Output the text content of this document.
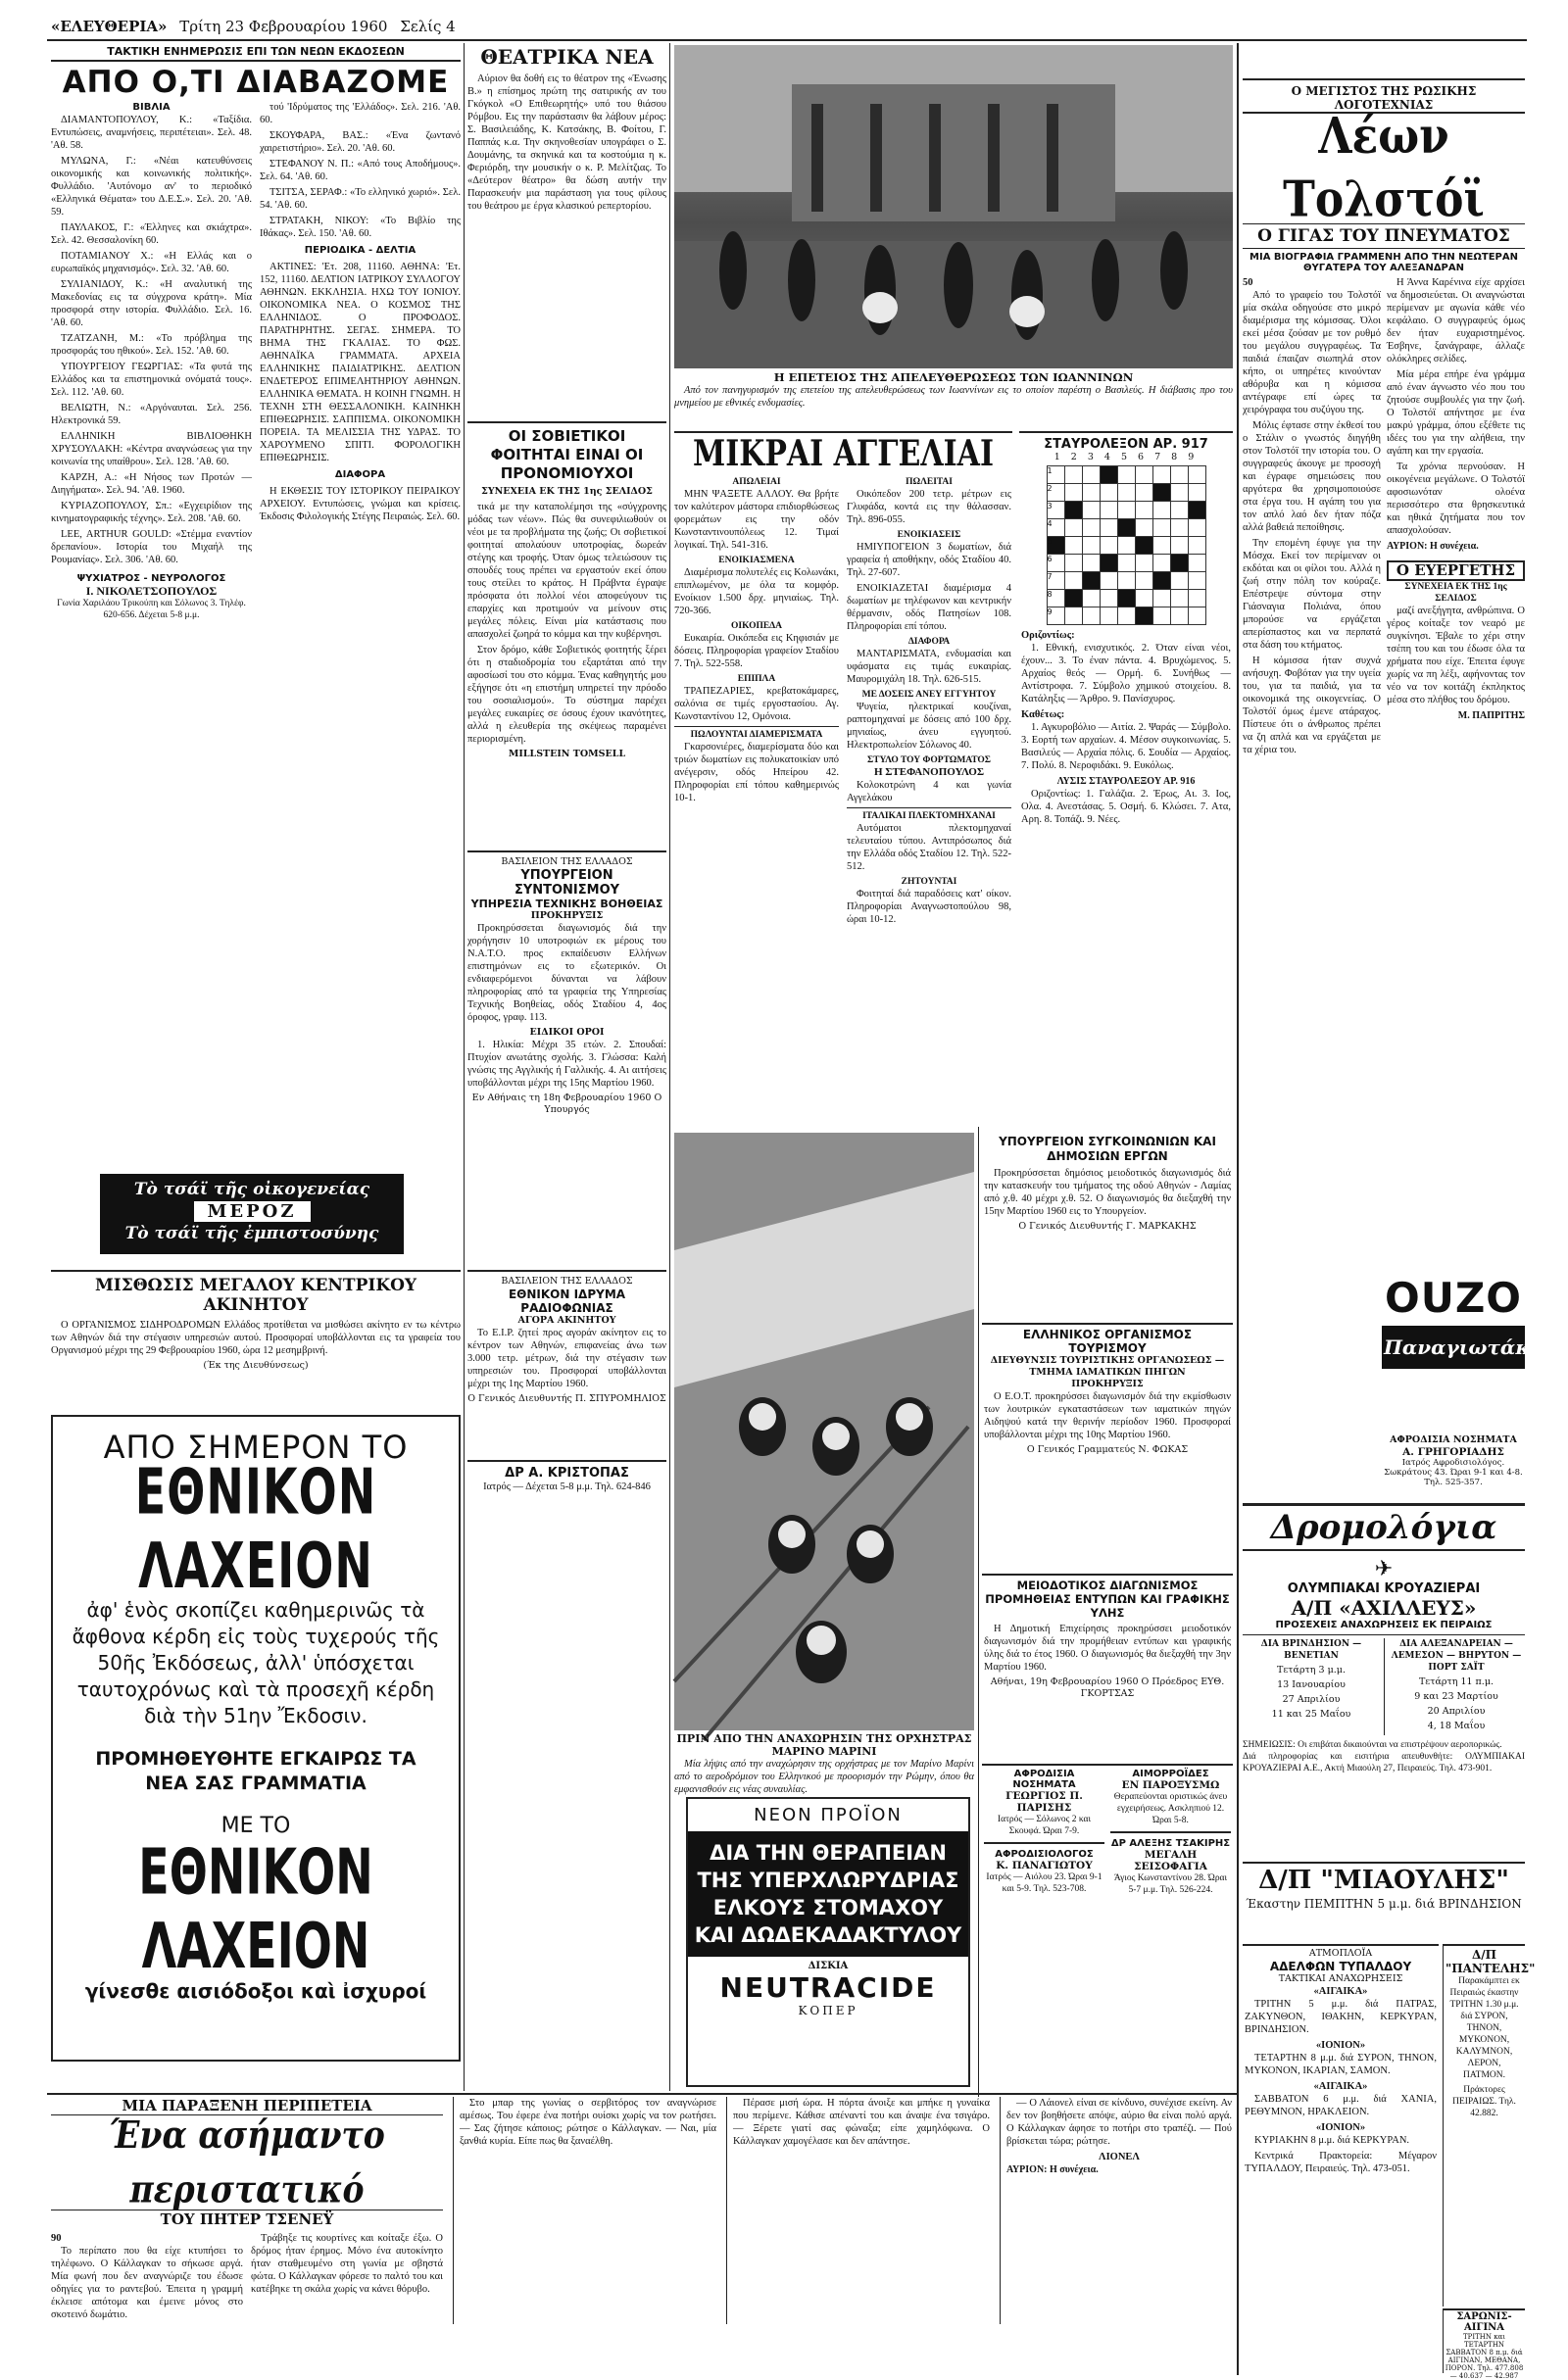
«ΕΛΕΥΘΕΡΙΑ» Τρίτη 23 Φεβρουαρίου 1960 Σελίς 4
ΤΑΚΤΙΚΗ ΕΝΗΜΕΡΩΣΙΣ ΕΠΙ ΤΩΝ ΝΕΩΝ ΕΚΔΟΣΕΩΝ
ΑΠΟ Ο,ΤΙ ΔΙΑΒΑΖΟΜΕ
ΒΙΒΛΙΑ

ΔΙΑΜΑΝΤΟΠΟΥΛΟΥ, Κ.: «Ταξίδια. Εντυπώσεις, αναμνήσεις, περιπέτειαι». Σελ. 48. 'Αθ. 58.

ΜΥΛΩΝΑ, Γ.: «Νέαι κατευθύνσεις οικονομικής και κοινωνικής πολιτικής». Φυλλάδιο. 'Αυτόνομο αν' το περιοδικό «Ελληνικά Θέματα» του Δ.Ε.Σ.». Σελ. 20. 'Αθ. 59.

ΠΑΥΛΑΚΟΣ, Γ.: «Έλληνες και σκιάχτρα». Σελ. 42. Θεσσαλονίκη 60.

ΠΟΤΑΜΙΑΝΟΥ Χ.: «Η Ελλάς και ο ευρωπαϊκός μηχανισμός». Σελ. 32. 'Αθ. 60.

ΣΥΛΙΑΝΙΔΟΥ, Κ.: «Η αναλυτική της Μακεδονίας εις τα σύγχρονα κράτη». Μία προσφορά στην ιστορία. Φυλλάδιο. Σελ. 16. 'Αθ. 60.

ΤΖΑΤΖΑΝΗ, Μ.: «Το πρόβλημα της προσφοράς του ηθικού». Σελ. 152. 'Αθ. 60.

ΥΠΟΥΡΓΕΙΟΥ ΓΕΩΡΓΙΑΣ: «Τα φυτά της Ελλάδος και τα επιστημονικά ονόματά τους». Σελ. 112. 'Αθ. 60.

ΒΕΛΙΩΤΗ, Ν.: «Αργόναυται. Σελ. 256. Ηλεκτρονικά 59.

ΕΛΛΗΝΙΚΗ ΒΙΒΛΙΟΘΗΚΗ ΧΡΥΣΟΥΛΑΚΗ: «Κέντρα αναγνώσεως για την κοινωνία της υπαίθρου». Σελ. 128. 'Αθ. 60.

ΚΑΡΖΗ, Α.: «Η Νήσος των Προτών — Διηγήματα». Σελ. 94. 'Αθ. 1960.

ΚΥΡΙΑΖΟΠΟΥΛΟΥ, Σπ.: «Εγχειρίδιον της κινηματογραφικής τέχνης». Σελ. 208. 'Αθ. 60.

LEE, ARTHUR GOULD: «Στέμμα εναντίον δρεπανίου». Ιστορία του Μιχαήλ της Ρουμανίας». Σελ. 306. 'Αθ. 60.

ΨΥΧΙΑΤΡΟΣ - ΝΕΥΡΟΛΟΓΟΣ
Ι. ΝΙΚΟΛΕΤΣΟΠΟΥΛΟΣ
Γωνία Χαριλάου Τρικούπη και Σόλωνος 3. Τηλέφ. 620-656. Δέχεται 5-8 μ.μ.

τού 'Ιδρύματος της 'Ελλάδος». Σελ. 216. 'Αθ. 60.

ΣΚΟΥΦΑΡΑ, ΒΑΣ.: «Ένα ζωντανό χαιρετιστήριο». Σελ. 20. 'Αθ. 60.

ΣΤΕΦΑΝΟΥ Ν. Π.: «Από τους Αποδήμους». Σελ. 64. 'Αθ. 60.

ΤΣΙΤΣΑ, ΣΕΡΑΦ.: «Το ελληνικό χωριό». Σελ. 54. 'Αθ. 60.

ΣΤΡΑΤΑΚΗ, ΝΙΚΟΥ: «Το Βιβλίο της Ιθάκας». Σελ. 150. 'Αθ. 60.

ΠΕΡΙΟΔΙΚΑ - ΔΕΛΤΙΑ

ΑΚΤΙΝΕΣ: 'Ετ. 208, 11160. ΑΘΗΝΑ: 'Ετ. 152, 11160. ΔΕΛΤΙΟΝ ΙΑΤΡΙΚΟΥ ΣΥΛΛΟΓΟΥ ΑΘΗΝΩΝ. ΕΚΚΛΗΣΙΑ. ΗΧΩ ΤΟΥ ΙΟΝΙΟΥ. ΟΙΚΟΝΟΜΙΚΑ ΝΕΑ. Ο ΚΟΣΜΟΣ ΤΗΣ ΕΛΛΗΝΙΔΟΣ. Ο ΠΡΟΦΟΔΟΣ. ΠΑΡΑΤΗΡΗΤΗΣ. ΣΕΓΑΣ. ΣΗΜΕΡΑ. ΤΟ ΒΗΜΑ ΤΗΣ ΓΚΑΛΙΑΣ. ΤΟ ΦΩΣ. ΑΘΗΝΑΪΚΑ ΓΡΑΜΜΑΤΑ. ΑΡΧΕΙΑ ΕΛΛΗΝΙΚΗΣ ΠΑΙΔΙΑΤΡΙΚΗΣ. ΔΕΛΤΙΟΝ ΕΝΔΕΤΕΡΟΣ ΕΠΙΜΕΛΗΤΗΡΙΟΥ ΑΘΗΝΩΝ. ΕΛΛΗΝΙΚΑ ΘΕΜΑΤΑ. Η ΚΟΙΝΗ ΓΝΩΜΗ. Η ΤΕΧΝΗ ΣΤΗ ΘΕΣΣΑΛΟΝΙΚΗ. ΚΑΙΝΗΚΗ ΕΠΙΘΕΩΡΗΣΙΣ. ΣΑΠΠΙΣΜΑ. ΟΙΚΟΝΟΜΙΚΗ ΠΟΡΕΙΑ. ΤΑ ΜΕΛΙΣΣΙΑ ΤΗΣ ΥΔΡΑΣ. ΤΟ ΧΑΡΟΥΜΕΝΟ ΣΠΙΤΙ. ΦΟΡΟΛΟΓΙΚΗ ΕΠΙΘΕΩΡΗΣΙΣ.

ΔΙΑΦΟΡΑ

Η ΕΚΘΕΣΙΣ ΤΟΥ ΙΣΤΟΡΙΚΟΥ ΠΕΙΡΑΙΚΟΥ ΑΡΧΕΙΟΥ. Εντυπώσεις, γνώμαι και κρίσεις. Έκδοσις Φιλολογικής Στέγης Πειραιώς. Σελ. 60.

Τὸ τσάϊ τῆς οἰκογενείας
ΜΕΡΟΖ
Τὸ τσάϊ τῆς ἐμπιστοσύνης
ΜΙΣΘΩΣΙΣ ΜΕΓΑΛΟΥ ΚΕΝΤΡΙΚΟΥ ΑΚΙΝΗΤΟΥ

Ο ΟΡΓΑΝΙΣΜΟΣ ΣΙΔΗΡΟΔΡΟΜΩΝ Ελλάδος προτίθεται να μισθώσει ακίνητο εν τω κέντρω των Αθηνών διά την στέγασιν υπηρεσιών αυτού. Προσφοραί υποβάλλονται εις τα γραφεία του Οργανισμού μέχρι της 29 Φεβρουαρίου 1960, ώρα 12 μεσημβρινή.

(Έκ της Διευθύνσεως)
ΑΠΟ ΣΗΜΕΡΟΝ ΤΟ
ΕΘΝΙΚΟΝ ΛΑΧΕΙΟΝ
ἀφ' ἑνὸς σκοπίζει καθημερινῶς τὰ ἄφθονα κέρδη εἰς τοὺς τυχερούς τῆς 50ῆς Ἐκδόσεως, ἀλλ' ὑπόσχεται ταυτοχρόνως καὶ τὰ προσεχῆ κέρδη διὰ τὴν 51ην Ἔκδοσιν.
ΠΡΟΜΗΘΕΥΘΗΤΕ ΕΓΚΑΙΡΩΣ ΤΑ ΝΕΑ ΣΑΣ ΓΡΑΜΜΑΤΙΑ
ΜΕ ΤΟ
ΕΘΝΙΚΟΝ ΛΑΧΕΙΟΝ
γίνεσθε αισιόδοξοι καὶ ἰσχυροί
ΘΕΑΤΡΙΚΑ ΝΕΑ

Αύριον θα δοθή εις το θέατρον της «Ένωσης Β.» η επίσημος πρώτη της σατιρικής αν του Γκόγκολ «Ο Επιθεωρητής» υπό του θιάσου Ρόμβου. Εις την παράστασιν θα λάβουν μέρος: Σ. Βασιλειάδης, Κ. Κατσάκης, Β. Φοίτου, Γ. Παππάς κ.α. Την σκηνοθεσίαν υπογράφει ο Σ. Δουμάνης, τα σκηνικά και τα κοστούμια η κ. Φεριόρδη, την μουσικήν ο κ. Ρ. Μελίτζιας. Το «Δεύτερον θέατρο» θα δώση αυτήν την Παρασκευήν μια παράσταση για τους φίλους του θεάτρου με έργα κλασικού ρεπερτορίου.

ΟΙ ΣΟΒΙΕΤΙΚΟΙ ΦΟΙΤΗΤΑΙ ΕΙΝΑΙ ΟΙ ΠΡΟΝΟΜΙΟΥΧΟΙ
ΣΥΝΕΧΕΙΑ ΕΚ ΤΗΣ 1ης ΣΕΛΙΔΟΣ

τικά με την καταπολέμησι της «σύγχρονης μόδας των νέων». Πώς θα συνεφιλιωθούν οι νέοι με τα προβλήματα της ζωής; Οι σοβιετικοί φοιτηταί απολαύουν υποτροφίας, δωρεάν στέγης και τροφής. Όταν όμως τελειώσουν τις σπουδές τους πρέπει να εργαστούν εκεί όπου τους στείλει το κράτος. Η Πράβντα έγραψε πρόσφατα ότι πολλοί νέοι αποφεύγουν τις επαρχίες και προτιμούν να μείνουν στις μεγάλες πόλεις. Είναι μία κατάστασις που απασχολεί ζωηρά το κόμμα και την κυβέρνησι.

Στον δρόμο, κάθε Σοβιετικός φοιτητής ξέρει ότι η σταδιοδρομία του εξαρτάται από την αφοσίωσί του στο κόμμα. Ένας καθηγητής μου εξήγησε ότι «η επιστήμη υπηρετεί την πρόοδο του σοσιαλισμού». Το σύστημα παρέχει μεγάλες ευκαιρίες σε όσους έχουν ικανότητες, αλλά η ελευθερία της σκέψεως παραμένει περιορισμένη.

MILLSTEIN TOMSELL
ΒΑΣΙΛΕΙΟΝ ΤΗΣ ΕΛΛΑΔΟΣ
ΥΠΟΥΡΓΕΙΟΝ ΣΥΝΤΟΝΙΣΜΟΥ
ΥΠΗΡΕΣΙΑ ΤΕΧΝΙΚΗΣ ΒΟΗΘΕΙΑΣ
ΠΡΟΚΗΡΥΞΙΣ

Προκηρύσσεται διαγωνισμός διά την χορήγησιν 10 υποτροφιών εκ μέρους του Ν.Α.Τ.Ο. προς εκπαίδευσιν Ελλήνων επιστημόνων εις το εξωτερικόν. Οι ενδιαφερόμενοι δύνανται να λάβουν πληροφορίας από τα γραφεία της Υπηρεσίας Τεχνικής Βοηθείας, οδός Σταδίου 4, 4ος όροφος, γραφ. 113.

ΕΙΔΙΚΟΙ ΟΡΟΙ

1. Ηλικία: Μέχρι 35 ετών. 2. Σπουδαί: Πτυχίον ανωτάτης σχολής. 3. Γλώσσα: Καλή γνώσις της Αγγλικής ή Γαλλικής. 4. Αι αιτήσεις υποβάλλονται μέχρι της 15ης Μαρτίου 1960.

Εν Αθήναις τη 18η Φεβρουαρίου 1960 Ο Υπουργός
ΒΑΣΙΛΕΙΟΝ ΤΗΣ ΕΛΛΑΔΟΣ
ΕΘΝΙΚΟΝ ΙΔΡΥΜΑ ΡΑΔΙΟΦΩΝΙΑΣ
ΑΓΟΡΑ ΑΚΙΝΗΤΟΥ

Το Ε.Ι.Ρ. ζητεί προς αγοράν ακίνητον εις το κέντρον των Αθηνών, επιφανείας άνω των 3.000 τετρ. μέτρων, διά την στέγασιν των υπηρεσιών του. Προσφοραί υποβάλλονται μέχρι της 1ης Μαρτίου 1960.

Ο Γενικός Διευθυντής Π. ΣΠΥΡΟΜΗΛΙΟΣ
ΔΡ Α. ΚΡΙΣΤΟΠΑΣ
Ιατρός — Δέχεται 5-8 μ.μ. Τηλ. 624-846
Η ΕΠΕΤΕΙΟΣ ΤΗΣ ΑΠΕΛΕΥΘΕΡΩΣΕΩΣ ΤΩΝ ΙΩΑΝΝΙΝΩΝ

Από τον πανηγυρισμόν της επετείου της απελευθερώσεως των Ιωαννίνων εις το οποίον παρέστη ο Βασιλεύς. Η διάβασις προ του μνημείου με εθνικές ενδυμασίες.

ΜΙΚΡΑΙ ΑΓΓΕΛΙΑΙ
ΑΠΩΛΕΙΑΙ

ΜΗΝ ΨΑΞΕΤΕ ΑΛΛΟΥ. Θα βρήτε τον καλύτερον μάστορα επιδιορθώσεως φορεμάτων εις την οδόν Κωνσταντινουπόλεως 12. Τιμαί λογικαί. Τηλ. 541-316.

ΕΝΟΙΚΙΑΣΜΕΝΑ

Διαμέρισμα πολυτελές εις Κολωνάκι, επιπλωμένον, με όλα τα κομφόρ. Ενοίκιον 1.500 δρχ. μηνιαίως. Τηλ. 720-366.

ΟΙΚΟΠΕΔΑ

Ευκαιρία. Οικόπεδα εις Κηφισιάν με δόσεις. Πληροφορίαι γραφείον Σταδίου 7. Τηλ. 522-558.

ΕΠΙΠΛΑ

ΤΡΑΠΕΖΑΡΙΕΣ, κρεβατοκάμαρες, σαλόνια σε τιμές εργοστασίου. Αγ. Κωνσταντίνου 12, Ομόνοια.

ΠΩΛΟΥΝΤΑΙ ΔΙΑΜΕΡΙΣΜΑΤΑ

Γκαρσονιέρες, διαμερίσματα δύο και τριών δωματίων εις πολυκατοικίαν υπό ανέγερσιν, οδός Ηπείρου 42. Πληροφορίαι επί τόπου καθημερινώς 10-1.

ΠΩΛΕΙΤΑΙ

Οικόπεδον 200 τετρ. μέτρων εις Γλυφάδα, κοντά εις την θάλασσαν. Τηλ. 896-055.

ΕΝΟΙΚΙΑΣΕΙΣ

ΗΜΙΥΠΟΓΕΙΟΝ 3 δωματίων, διά γραφεία ή αποθήκην, οδός Σταδίου 40. Τηλ. 27-607.

ΕΝΟΙΚΙΑΖΕΤΑΙ διαμέρισμα 4 δωματίων με τηλέφωνον και κεντρικήν θέρμανσιν, οδός Πατησίων 108. Πληροφορίαι επί τόπου.

ΔΙΑΦΟΡΑ

ΜΑΝΤΑΡΙΣΜΑΤΑ, ενδυμασίαι και υφάσματα εις τιμάς ευκαιρίας. Μαυρομιχάλη 18. Τηλ. 626-515.

ΜΕ ΔΟΣΕΙΣ ΑΝΕΥ ΕΓΓΥΗΤΟΥ

Ψυγεία, ηλεκτρικαί κουζίναι, ραπτομηχαναί με δόσεις από 100 δρχ. μηνιαίως, άνευ εγγυητού. Ηλεκτροπωλείον Σόλωνος 40.

ΣΤΥΛΟ ΤΟΥ ΦΟΡΤΩΜΑΤΟΣ
Η ΣΤΕΦΑΝΟΠΟΥΛΟΣ

Κολοκοτρώνη 4 και γωνία Αγγελάκου

ΙΤΑΛΙΚΑΙ ΠΛΕΚΤΟΜΗΧΑΝΑΙ

Αυτόματοι πλεκτομηχαναί τελευταίου τύπου. Αντιπρόσωπος διά την Ελλάδα οδός Σταδίου 12. Τηλ. 522-512.

ΖΗΤΟΥΝΤΑΙ

Φοιτηταί διά παραδόσεις κατ' οίκον. Πληροφορίαι Αναγνωστοπούλου 98, ώραι 10-12.

ΣΤΑΥΡΟΛΕΞΟΝ ΑΡ. 917
1 2 3 4 5 6 7 8 9
1								
2								
3								
4								
5								
6								
7								
8								
9								
Οριζοντίως:

1. Εθνική, ενισχυτικός. 2. Όταν είναι νέοι, έχουν... 3. Το έναν πάντα. 4. Βρυχώμενος. 5. Αρχαίος θεός — Ορμή. 6. Συνήθως — Αντίστροφα. 7. Σύμβολο χημικού στοιχείου. 8. Κατάληξις — Άρθρο. 9. Πανίσχυρος.

Καθέτως:

1. Αγκυροβόλιο — Αιτία. 2. Ψαράς — Σύμβολο. 3. Εορτή των αρχαίων. 4. Μέσον συγκοινωνίας. 5. Βασιλεύς — Αρχαία πόλις. 6. Σουδία — Αρχαίος. 7. Πολύ. 8. Νεροφιδάκι. 9. Ευκόλως.

ΛΥΣΙΣ ΣΤΑΥΡΟΛΕΞΟΥ ΑΡ. 916

Οριζοντίως: 1. Γαλάζια. 2. Έρως, Αι. 3. Ιος, Ολα. 4. Ανεστάσας. 5. Οσμή. 6. Κλώσει. 7. Ατα, Αρη. 8. Τοπάζι. 9. Νέες.

ΠΡΙΝ ΑΠΟ ΤΗΝ ΑΝΑΧΩΡΗΣΙΝ ΤΗΣ ΟΡΧΗΣΤΡΑΣ ΜΑΡΙΝΟ ΜΑΡΙΝΙ

Μία λήψις από την αναχώρησιν της ορχήστρας με τον Μαρίνο Μαρίνι από το αεροδρόμιον του Ελληνικού με προορισμόν την Ρώμην, όπου θα εμφανισθούν εις νέας συναυλίας.

ΝΕΟΝ ΠΡΟΪΟΝ
ΔΙΑ ΤΗΝ ΘΕΡΑΠΕΙΑΝ
ΤΗΣ ΥΠΕΡΧΛΩΡΥΔΡΙΑΣ
ΕΛΚΟΥΣ ΣΤΟΜΑΧΟΥ
ΚΑΙ ΔΩΔΕΚΑΔΑΚΤΥΛΟΥ
ΔΙΣΚΙΑ
NEUTRACIDE
ΚΟΠΕΡ
ΥΠΟΥΡΓΕΙΟΝ ΣΥΓΚΟΙΝΩΝΙΩΝ ΚΑΙ ΔΗΜΟΣΙΩΝ ΕΡΓΩΝ

Προκηρύσσεται δημόσιος μειοδοτικός διαγωνισμός διά την κατασκευήν του τμήματος της οδού Αθηνών - Λαμίας από χ.θ. 40 μέχρι χ.θ. 52. Ο διαγωνισμός θα διεξαχθή την 15ην Μαρτίου 1960 εις το Υπουργείον.

Ο Γενικός Διευθυντής Γ. ΜΑΡΚΑΚΗΣ
ΕΛΛΗΝΙΚΟΣ ΟΡΓΑΝΙΣΜΟΣ ΤΟΥΡΙΣΜΟΥ
ΔΙΕΥΘΥΝΣΙΣ ΤΟΥΡΙΣΤΙΚΗΣ ΟΡΓΑΝΩΣΕΩΣ — ΤΜΗΜΑ ΙΑΜΑΤΙΚΩΝ ΠΗΓΩΝ
ΠΡΟΚΗΡΥΞΙΣ

Ο Ε.Ο.Τ. προκηρύσσει διαγωνισμόν διά την εκμίσθωσιν των λουτρικών εγκαταστάσεων των ιαματικών πηγών Αιδηψού κατά την θερινήν περίοδον 1960. Προσφοραί υποβάλλονται μέχρι της 10ης Μαρτίου 1960.

Ο Γενικός Γραμματεύς Ν. ΦΩΚΑΣ
ΜΕΙΟΔΟΤΙΚΟΣ ΔΙΑΓΩΝΙΣΜΟΣ ΠΡΟΜΗΘΕΙΑΣ ΕΝΤΥΠΩΝ ΚΑΙ ΓΡΑΦΙΚΗΣ ΥΛΗΣ

Η Δημοτική Επιχείρησις προκηρύσσει μειοδοτικόν διαγωνισμόν διά την προμήθειαν εντύπων και γραφικής ύλης διά το έτος 1960. Ο διαγωνισμός θα διεξαχθή την 3ην Μαρτίου 1960.

Αθήναι, 19η Φεβρουαρίου 1960 Ο Πρόεδρος ΕΥΘ. ΓΚΟΡΤΣΑΣ
ΑΦΡΟΔΙΣΙΑ ΝΟΣΗΜΑΤΑ
ΓΕΩΡΓΙΟΣ Π. ΠΑΡΙΣΗΣ
Ιατρός — Σόλωνος 2 και Σκουφά. Ώραι 7-9.
ΑΦΡΟΔΙΣΙΟΛΟΓΟΣ
Κ. ΠΑΝΑΓΙΩΤΟΥ
Ιατρός — Αιόλου 23. Ώραι 9-1 και 5-9. Τηλ. 523-708.
ΑΙΜΟΡΡΟΪΔΕΣ
ΕΝ ΠΑΡΟΞΥΣΜΩ
Θεραπεύονται οριστικώς άνευ εγχειρήσεως. Ασκληπιού 12. Ώραι 5-8.
ΔΡ ΑΛΕΞΗΣ ΤΣΑΚΙΡΗΣ
ΜΕΓΑΛΗ ΣΕΙΣΟΦΑΓΙΑ
Άγιος Κωνσταντίνου 28. Ώραι 5-7 μ.μ. Τηλ. 526-224.
Ο ΜΕΓΙΣΤΟΣ ΤΗΣ ΡΩΣΙΚΗΣ ΛΟΓΟΤΕΧΝΙΑΣ
Λέων Τολστόϊ
Ο ΓΙΓΑΣ ΤΟΥ ΠΝΕΥΜΑΤΟΣ
ΜΙΑ ΒΙΟΓΡΑΦΙΑ ΓΡΑΜΜΕΝΗ ΑΠΟ ΤΗΝ ΝΕΩΤΕΡΑΝ ΘΥΓΑΤΕΡΑ ΤΟΥ ΑΛΕΞΑΝΔΡΑΝ
50

Από το γραφείο του Τολστόϊ μία σκάλα οδηγούσε στο μικρό διαμέρισμα της κόμισσας. Όλοι εκεί μέσα ζούσαν με τον ρυθμό του μεγάλου συγγραφέως. Τα παιδιά έπαιζαν σιωπηλά στον κήπο, οι υπηρέτες κινούνταν αθόρυβα και η κόμισσα αντέγραφε επί ώρες τα χειρόγραφα του συζύγου της.

Μόλις έφτασε στην έκθεσί του ο Στάλιν ο γνωστός διηγήθη στον Τολστόϊ την ιστορία του. Ο συγγραφεύς άκουγε με προσοχή και έγραφε σημειώσεις που αργότερα θα χρησιμοποιούσε στα έργα του. Η αγάπη του για τον απλό λαό δεν ήταν πόζα αλλά βαθειά πεποίθησις.

Την επομένη έφυγε για την Μόσχα. Εκεί τον περίμεναν οι εκδόται και οι φίλοι του. Αλλά η ζωή στην πόλη τον κούραζε. Επέστρεψε σύντομα στην Γιάσναγια Πολιάνα, όπου μπορούσε να εργάζεται απερίσπαστος και να περπατά στα δάση του κτήματος.

Η κόμισσα ήταν συχνά ανήσυχη. Φοβόταν για την υγεία του, για τα παιδιά, για τα οικονομικά της οικογενείας. Ο Τολστόϊ όμως έμενε ατάραχος. Πίστευε ότι ο άνθρωπος πρέπει να ζη απλά και να εργάζεται με τα χέρια του.

Η Άννα Καρένινα είχε αρχίσει να δημοσιεύεται. Οι αναγνώσται περίμεναν με αγωνία κάθε νέο κεφάλαιο. Ο συγγραφεύς όμως δεν ήταν ευχαριστημένος. Έσβηνε, ξανάγραφε, άλλαζε ολόκληρες σελίδες.

Μία μέρα επήρε ένα γράμμα από έναν άγνωστο νέο που του ζητούσε συμβουλές για την ζωή. Ο Τολστόϊ απήντησε με ένα μακρύ γράμμα, όπου εξέθετε τις ιδέες του για την αλήθεια, την αγάπη και την εργασία.

Τα χρόνια περνούσαν. Η οικογένεια μεγάλωνε. Ο Τολστόϊ αφοσιωνόταν ολοένα περισσότερο στα θρησκευτικά και ηθικά ζητήματα που τον απασχολούσαν.

ΑΥΡΙΟΝ: Η συνέχεια.
Ο ΕΥΕΡΓΕΤΗΣ
ΣΥΝΕΧΕΙΑ ΕΚ ΤΗΣ 1ης ΣΕΛΙΔΟΣ

μαζί ανεξήγητα, ανθρώπινα. Ο γέρος κοίταξε τον νεαρό με συγκίνησι. Έβαλε το χέρι στην τσέπη του και του έδωσε όλα τα χρήματα που είχε. Έπειτα έφυγε χωρίς να πη λέξι, αφήνοντας τον νέο να τον κοιτάζη έκπληκτος μέσα στο πλήθος του δρόμου.

Μ. ΠΑΠΡΙΤΗΣ
OUZO
Παναγιωτάκη
ΑΦΡΟΔΙΣΙΑ ΝΟΣΗΜΑΤΑ
Α. ΓΡΗΓΟΡΙΑΔΗΣ
Ιατρός Αφροδισιολόγος. Σωκράτους 43. Ώραι 9-1 και 4-8. Τηλ. 525-357.
Δρομολόγια
✈
ΟΛΥΜΠΙΑΚΑΙ ΚΡΟΥΑΖΙΕΡΑΙ
Α/Π «ΑΧΙΛΛΕΥΣ»
ΠΡΟΣΕΧΕΙΣ ΑΝΑΧΩΡΗΣΕΙΣ ΕΚ ΠΕΙΡΑΙΩΣ
ΔΙΑ ΒΡΙΝΔΗΣΙΟΝ — ΒΕΝΕΤΙΑΝ
Τετάρτη 3 μ.μ.
13 Ιανουαρίου
27 Απριλίου
11 και 25 Μαΐου
ΔΙΑ ΑΛΕΞΑΝΔΡΕΙΑΝ — ΛΕΜΕΣΟΝ — ΒΗΡΥΤΟΝ — ΠΟΡΤ ΣΑΪΤ
Τετάρτη 11 π.μ.
9 και 23 Μαρτίου
20 Απριλίου
4, 18 Μαΐου
ΣΗΜΕΙΩΣΙΣ: Οι επιβάται δικαιούνται να επιστρέψουν αεροπορικώς.
Διά πληροφορίας και εισιτήρια απευθυνθήτε: ΟΛΥΜΠΙΑΚΑΙ ΚΡΟΥΑΖΙΕΡΑΙ Α.Ε., Ακτή Μιαούλη 27, Πειραιεύς. Τηλ. 473-901.
Δ/Π "ΜΙΑΟΥΛΗΣ"
Έκαστην ΠΕΜΠΤΗΝ 5 μ.μ. διά ΒΡΙΝΔΗΣΙΟΝ
ΑΤΜΟΠΛΟΪΑ
ΑΔΕΛΦΩΝ ΤΥΠΑΛΔΟΥ
ΤΑΚΤΙΚΑΙ ΑΝΑΧΩΡΗΣΕΙΣ
«ΑΙΓΑΙΚΑ»

ΤΡΙΤΗΝ 5 μ.μ. διά ΠΑΤΡΑΣ, ΖΑΚΥΝΘΟΝ, ΙΘΑΚΗΝ, ΚΕΡΚΥΡΑΝ, ΒΡΙΝΔΗΣΙΟΝ.

«ΙΟΝΙΟΝ»

ΤΕΤΑΡΤΗΝ 8 μ.μ. διά ΣΥΡΟΝ, ΤΗΝΟΝ, ΜΥΚΟΝΟΝ, ΙΚΑΡΙΑΝ, ΣΑΜΟΝ.

«ΑΙΓΑΙΚΑ»

ΣΑΒΒΑΤΟΝ 6 μ.μ. διά ΧΑΝΙΑ, ΡΕΘΥΜΝΟΝ, ΗΡΑΚΛΕΙΟΝ.

«ΙΟΝΙΟΝ»

ΚΥΡΙΑΚΗΝ 8 μ.μ. διά ΚΕΡΚΥΡΑΝ.

Κεντρικά Πρακτορεία: Μέγαρον ΤΥΠΑΛΔΟΥ, Πειραιεύς. Τηλ. 473-051.

Δ/Π "ΠΑΝΤΕΛΗΣ"

Παρακάμπτει εκ Πειραιώς έκαστην ΤΡΙΤΗΝ 1.30 μ.μ. διά ΣΥΡΟΝ, ΤΗΝΟΝ, ΜΥΚΟΝΟΝ, ΚΑΛΥΜΝΟΝ, ΛΕΡΟΝ, ΠΑΤΜΟΝ.

Πράκτορες ΠΕΙΡΑΙΩΣ. Τηλ. 42.882.
ΣΑΡΩΝΙΣ-ΑΙΓΙΝΑ
ΤΡΙΤΗΝ και ΤΕΤΑΡΤΗΝ ΣΑΒΒΑΤΟΝ 8 π.μ. διά ΑΙΓΙΝΑΝ, ΜΕΘΑΝΑ, ΠΟΡΟΝ. Τηλ. 477.808 — 40.637 — 42.987
ΜΙΑ ΠΑΡΑΞΕΝΗ ΠΕΡΙΠΕΤΕΙΑ
Ένα ασήμαντο περιστατικό
ΤΟΥ ΠΗΤΕΡ ΤΣΕΝΕΫ
90

Το περίπατο που θα είχε κτυπήσει το τηλέφωνο. Ο Κάλλαγκαν το σήκωσε αργά. Μία φωνή που δεν αναγνώριζε του έδωσε οδηγίες για το ραντεβού. Έπειτα η γραμμή έκλεισε απότομα και έμεινε μόνος στο σκοτεινό δωμάτιο.

Τράβηξε τις κουρτίνες και κοίταξε έξω. Ο δρόμος ήταν έρημος. Μόνο ένα αυτοκίνητο ήταν σταθμευμένο στη γωνία με σβηστά φώτα. Ο Κάλλαγκαν φόρεσε το παλτό του και κατέβηκε τη σκάλα χωρίς να κάνει θόρυβο.

Στο μπαρ της γωνίας ο σερβιτόρος τον αναγνώρισε αμέσως. Του έφερε ένα ποτήρι ουίσκι χωρίς να τον ρωτήσει. — Σας ζήτησε κάποιος; ρώτησε ο Κάλλαγκαν. — Ναι, μία ξανθιά κυρία. Είπε πως θα ξαναέλθη.

Πέρασε μισή ώρα. Η πόρτα άνοιξε και μπήκε η γυναίκα που περίμενε. Κάθισε απέναντί του και άναψε ένα τσιγάρο. — Ξέρετε γιατί σας φώναξα; είπε χαμηλόφωνα. Ο Κάλλαγκαν χαμογέλασε και δεν απάντησε.

— Ο Λάιονελ είναι σε κίνδυνο, συνέχισε εκείνη. Αν δεν τον βοηθήσετε απόψε, αύριο θα είναι πολύ αργά. Ο Κάλλαγκαν άφησε το ποτήρι στο τραπέζι. — Πού βρίσκεται τώρα; ρώτησε.

ΛΙΟΝΕΛ
ΑΥΡΙΟΝ: Η συνέχεια.
